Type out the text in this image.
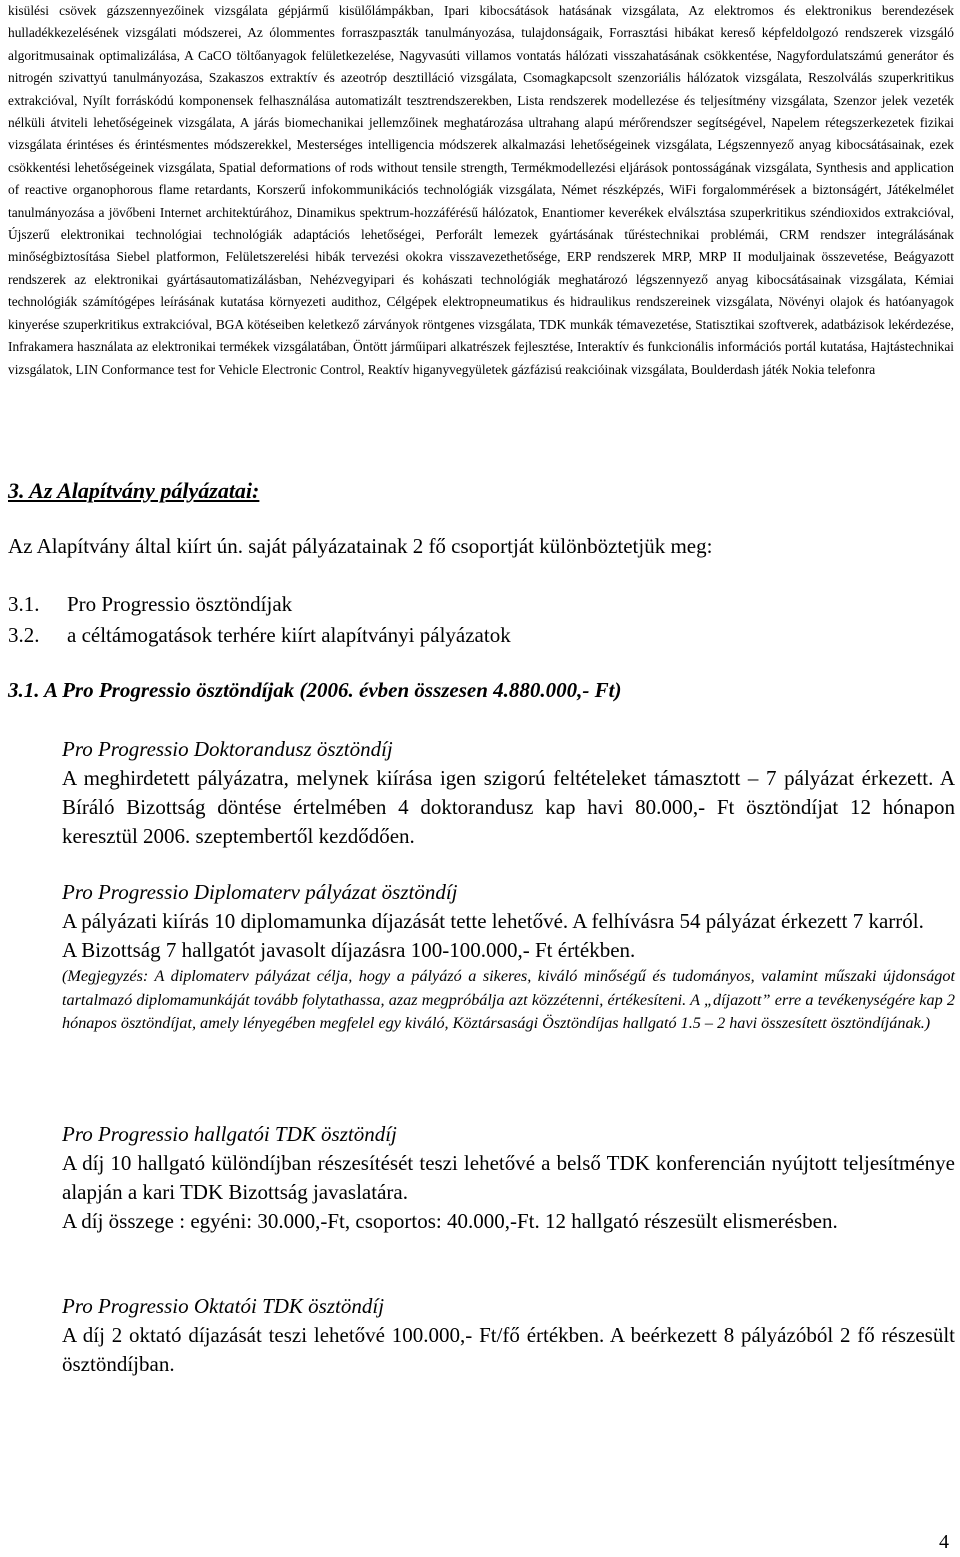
kisülési csövek gázszennyezőinek vizsgálata gépjármű kisülőlámpákban, Ipari kibocsátások hatásának vizsgálata, Az elektromos és elektronikus berendezések hulladékkezelésének vizsgálati módszerei, Az ólommentes forraszpaszták tanulmányozása, tulajdonságaik, Forrasztási hibákat kereső képfeldolgozó rendszerek vizsgáló algoritmusainak optimalizálása, A CaCO töltőanyagok felületkezelése, Nagyvasúti villamos vontatás hálózati visszahatásának csökkentése, Nagyfordulatszámú generátor és nitrogén szivattyú tanulmányozása, Szakaszos extraktív és azeotróp desztilláció vizsgálata, Csomagkapcsolt szenzoriális hálózatok vizsgálata, Reszolválás szuperkritikus extrakcióval, Nyílt forráskódú komponensek felhasználása automatizált tesztrendszerekben, Lista rendszerek modellezése és teljesítmény vizsgálata, Szenzor jelek vezeték nélküli átviteli lehetőségeinek vizsgálata, A járás biomechanikai jellemzőinek meghatározása ultrahang alapú mérőrendszer segítségével, Napelem rétegszerkezetek fizikai vizsgálata érintéses és érintésmentes módszerekkel, Mesterséges intelligencia módszerek alkalmazási lehetőségeinek vizsgálata, Légszennyező anyag kibocsátásainak, ezek csökkentési lehetőségeinek vizsgálata, Spatial deformations of rods without tensile strength, Termékmodellezési eljárások pontosságának vizsgálata, Synthesis and application of reactive organophorous flame retardants, Korszerű infokommunikációs technológiák vizsgálata, Német részképzés, WiFi forgalommérések a biztonságért, Játékelmélet tanulmányozása a jövőbeni Internet architektúrához, Dinamikus spektrum-hozzáférésű hálózatok, Enantiomer keverékek elválsztása szuperkritikus széndioxidos extrakcióval, Újszerű elektronikai technológiai technológiák adaptációs lehetőségei, Perforált lemezek gyártásának tűréstechnikai problémái, CRM rendszer integrálásának minőségbiztosítása Siebel platformon, Felületszerelési hibák tervezési okokra visszavezethetősége, ERP rendszerek MRP, MRP II moduljainak összevetése, Beágyazott rendszerek az elektronikai gyártásautomatizálásban, Nehézvegyipari és kohászati technológiák meghatározó légszennyező anyag kibocsátásainak vizsgálata, Kémiai technológiák számítógépes leírásának kutatása környezeti audithoz, Célgépek elektropneumatikus és hidraulikus rendszereinek vizsgálata, Növényi olajok és hatóanyagok kinyerése szuperkritikus extrakcióval, BGA kötéseiben keletkező zárványok röntgenes vizsgálata, TDK munkák témavezetése, Statisztikai szoftverek, adatbázisok lekérdezése, Infrakamera használata az elektronikai termékek vizsgálatában, Öntött járműipari alkatrészek fejlesztése, Interaktív és funkcionális információs portál kutatása, Hajtástechnikai vizsgálatok, LIN Conformance test for Vehicle Electronic Control, Reaktív higanyvegyületek gázfázisú reakcióinak vizsgálata, Boulderdash játék Nokia telefonra

3. Az Alapítvány pályázatai:
Az Alapítvány által kiírt ún. saját pályázatainak 2 fő csoportját különböztetjük meg:
3.1.	Pro Progressio ösztöndíjak
3.2.	a céltámogatások terhére kiírt alapítványi pályázatok
3.1. A Pro Progressio ösztöndíjak (2006. évben összesen 4.880.000,- Ft)
Pro Progressio Doktorandusz ösztöndíj
A meghirdetett pályázatra, melynek kiírása igen szigorú feltételeket támasztott – 7 pályázat érkezett. A Bíráló Bizottság döntése értelmében 4 doktorandusz kap havi 80.000,- Ft ösztöndíjat 12 hónapon keresztül 2006. szeptembertől kezdődően.
Pro Progressio Diplomaterv pályázat ösztöndíj
A pályázati kiírás 10 diplomamunka díjazását tette lehetővé. A felhívásra 54 pályázat érkezett 7 karról.
A Bizottság 7 hallgatót javasolt díjazásra 100-100.000,- Ft értékben.
(Megjegyzés: A diplomaterv pályázat célja, hogy a pályázó a sikeres, kiváló minőségű és tudományos, valamint műszaki újdonságot tartalmazó diplomamunkáját tovább folytathassa, azaz megpróbálja azt közzétenni, értékesíteni. A „díjazott” erre a tevékenységére kap 2 hónapos ösztöndíjat, amely lényegében megfelel egy kiváló, Köztársasági Ösztöndíjas hallgató 1.5 – 2 havi összesített ösztöndíjának.)
Pro Progressio hallgatói TDK ösztöndíj
A díj 10 hallgató különdíjban részesítését teszi lehetővé a belső TDK konferencián nyújtott teljesítménye alapján a kari TDK Bizottság javaslatára.
A díj összege : egyéni: 30.000,-Ft, csoportos: 40.000,-Ft. 12 hallgató részesült elismerésben.
Pro Progressio Oktatói TDK ösztöndíj
A díj 2 oktató díjazását teszi lehetővé 100.000,- Ft/fő értékben. A beérkezett 8 pályázóból 2 fő részesült ösztöndíjban.
4
